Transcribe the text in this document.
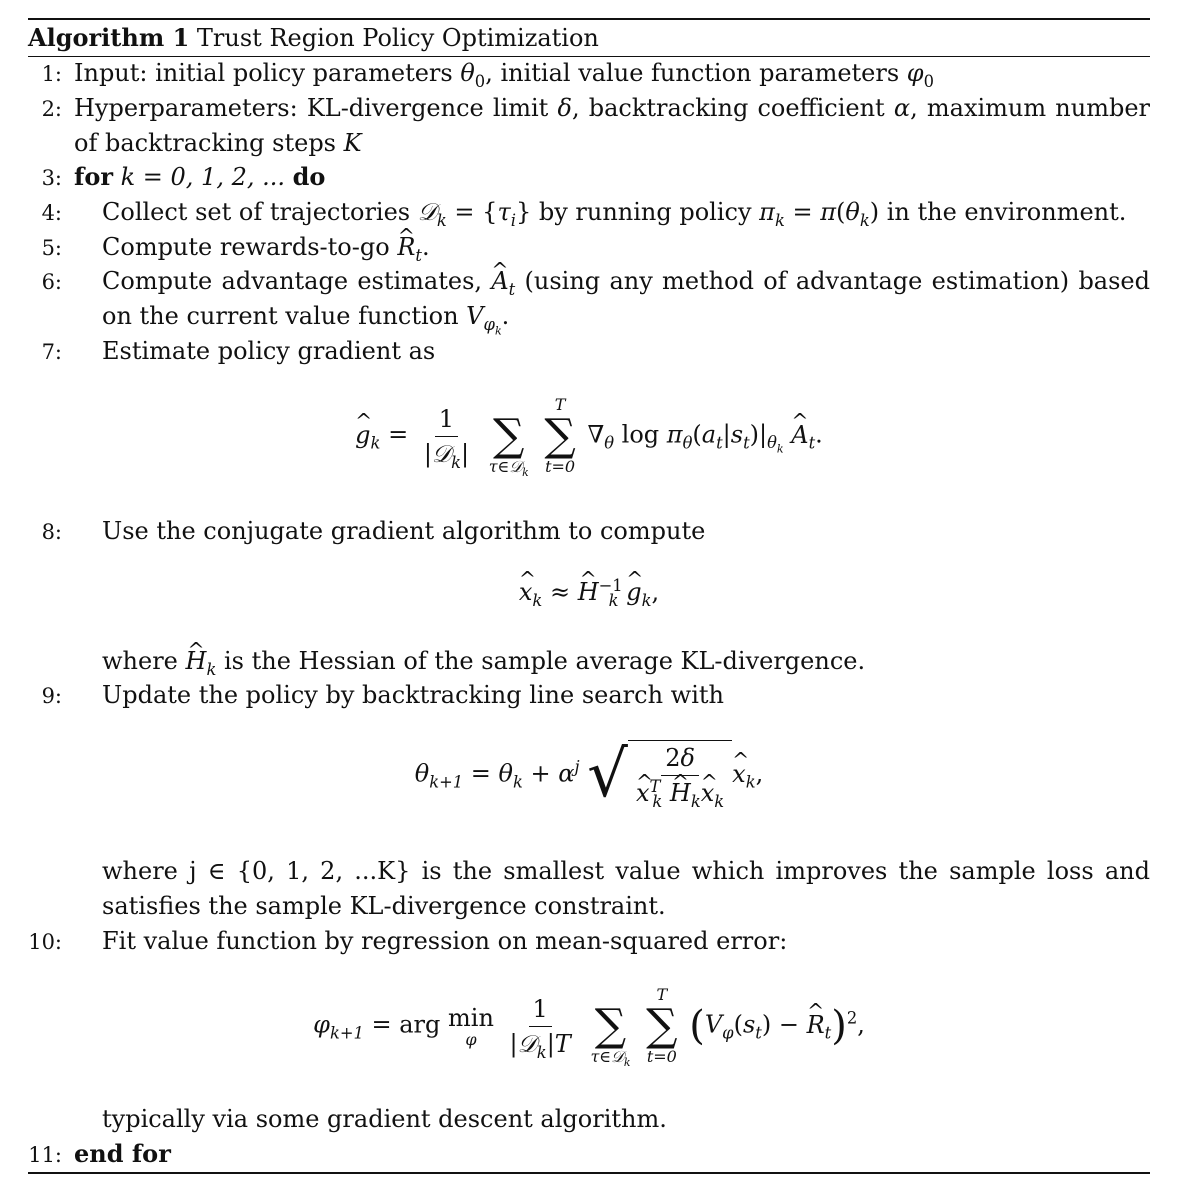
Algorithm 1 Trust Region Policy Optimization
1: Input: initial policy parameters $\theta_0$, initial value function parameters $\varphi_0$
2: Hyperparameters: KL-divergence limit δ, backtracking coefficient α, maximum number
of backtracking steps K
3: for k = 0, 1, 2, ... do
4: Collect set of trajectories 𝒟$_k$ = $\{\tau_i\}$ by running policy $\pi_k = \pi(\theta_k)$ in the environment.
5: Compute rewards-to-go ^ $R_t$.
6: Compute advantage estimates, ^ $A_t$ (using any method of advantage estimation) based
on the current value function $V_{\varphi_k}$.
7: Estimate policy gradient as
^ $g_k = \frac{1}{|𝒟_k|}$

∑
τ∈𝒟$_k$

T
∑
t=0
$\nabla_\theta$ $\log \pi_\theta(a_t|s_t)|_{\theta_k}$ ^ $A_t$.
8: Use the conjugate gradient algorithm to compute
^ $x_k$ ≈ ^ $H^{-1}_k$ ^ $g_k$,
where ^ $H_k$ is the Hessian of the sample average KL-divergence.
9: Update the policy by backtracking line search with
$\theta_{k+1} = \theta_k + \alpha^j$ √ 2δ
^ $x^T_k$ ^ $H_k\^{}$ $x_k$ ^ $x_k$,
where j ∈ {0, 1, 2, ...K} is the smallest value which improves the sample loss and
satisfies the sample KL-divergence constraint.
10: Fit value function by regression on mean-squared error:
$\varphi_{k+1}$ = arg min
φ
$\frac{1}{|𝒟_k|T}$

∑
τ∈𝒟$_k$

T
∑
t=0
($V_\varphi(s_t)$ − ^ $R_t)^2$,
typically via some gradient descent algorithm.
11: end for
